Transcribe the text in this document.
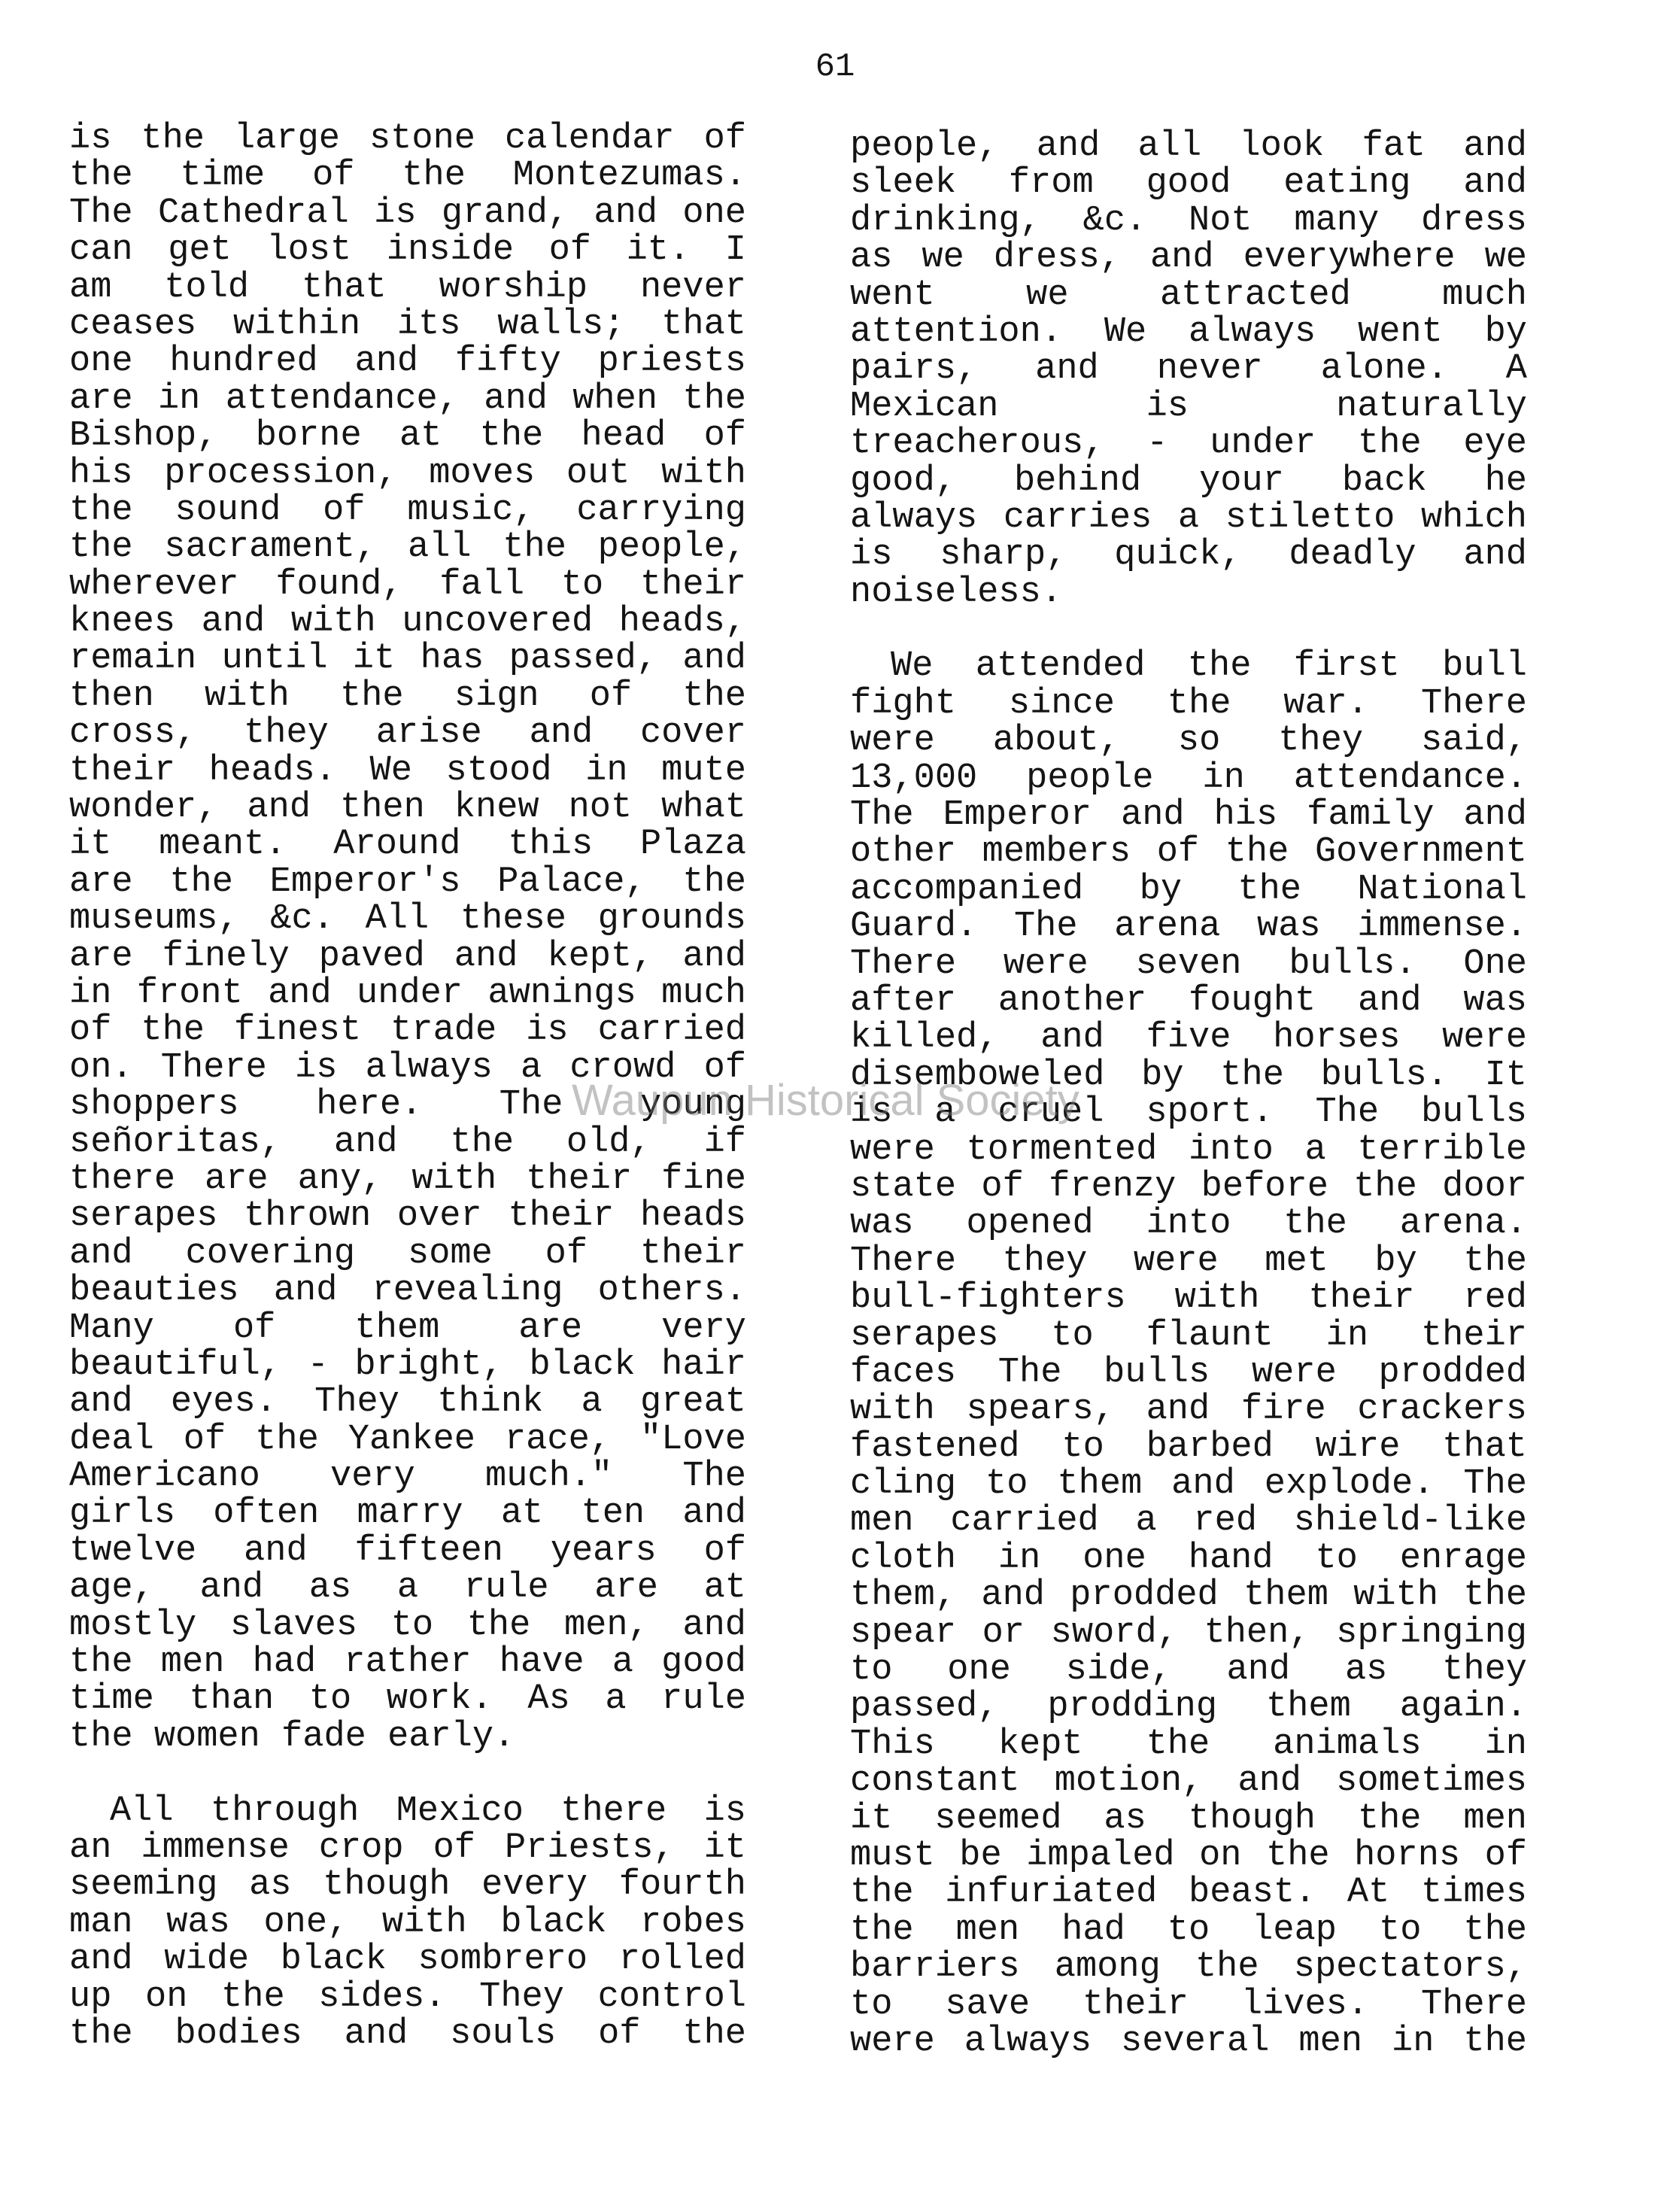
61
is the large stone calendar of
the time of the Montezumas.
The Cathedral is grand, and one
can get lost inside of it. I
am told that worship never
ceases within its walls; that
one hundred and fifty priests
are in attendance, and when the
Bishop, borne at the head of
his procession, moves out with
the sound of music, carrying
the sacrament, all the people,
wherever found, fall to their
knees and with uncovered heads,
remain until it has passed, and
then with the sign of the
cross, they arise and cover
their heads. We stood in mute
wonder, and then knew not what
it meant. Around this Plaza
are the Emperor's Palace, the
museums, &c. All these grounds
are finely paved and kept, and
in front and under awnings much
of the finest trade is carried
on. There is always a crowd of
shoppers here. The young
señoritas, and the old, if
there are any, with their fine
serapes thrown over their heads
and covering some of their
beauties and revealing others.
Many of them are very
beautiful, - bright, black hair
and eyes. They think a great
deal of the Yankee race, "Love
Americano very much." The
girls often marry at ten and
twelve and fifteen years of
age, and as a rule are at
mostly slaves to the men, and
the men had rather have a good
time than to work. As a rule
the women fade early.
All through Mexico there is
an immense crop of Priests, it
seeming as though every fourth
man was one, with black robes
and wide black sombrero rolled
up on the sides. They control
the bodies and souls of the
people, and all look fat and
sleek from good eating and
drinking, &c. Not many dress
as we dress, and everywhere we
went we attracted much
attention. We always went by
pairs, and never alone. A
Mexican is naturally
treacherous, - under the eye
good, behind your back he
always carries a stiletto which
is sharp, quick, deadly and
noiseless.
We attended the first bull
fight since the war. There
were about, so they said,
13,000 people in attendance.
The Emperor and his family and
other members of the Government
accompanied by the National
Guard. The arena was immense.
There were seven bulls. One
after another fought and was
killed, and five horses were
disemboweled by the bulls. It
is a cruel sport. The bulls
were tormented into a terrible
state of frenzy before the door
was opened into the arena.
There they were met by the
bull-fighters with their red
serapes to flaunt in their
faces The bulls were prodded
with spears, and fire crackers
fastened to barbed wire that
cling to them and explode. The
men carried a red shield-like
cloth in one hand to enrage
them, and prodded them with the
spear or sword, then, springing
to one side, and as they
passed, prodding them again.
This kept the animals in
constant motion, and sometimes
it seemed as though the men
must be impaled on the horns of
the infuriated beast. At times
the men had to leap to the
barriers among the spectators,
to save their lives. There
were always several men in the
Waupun Historical Society
